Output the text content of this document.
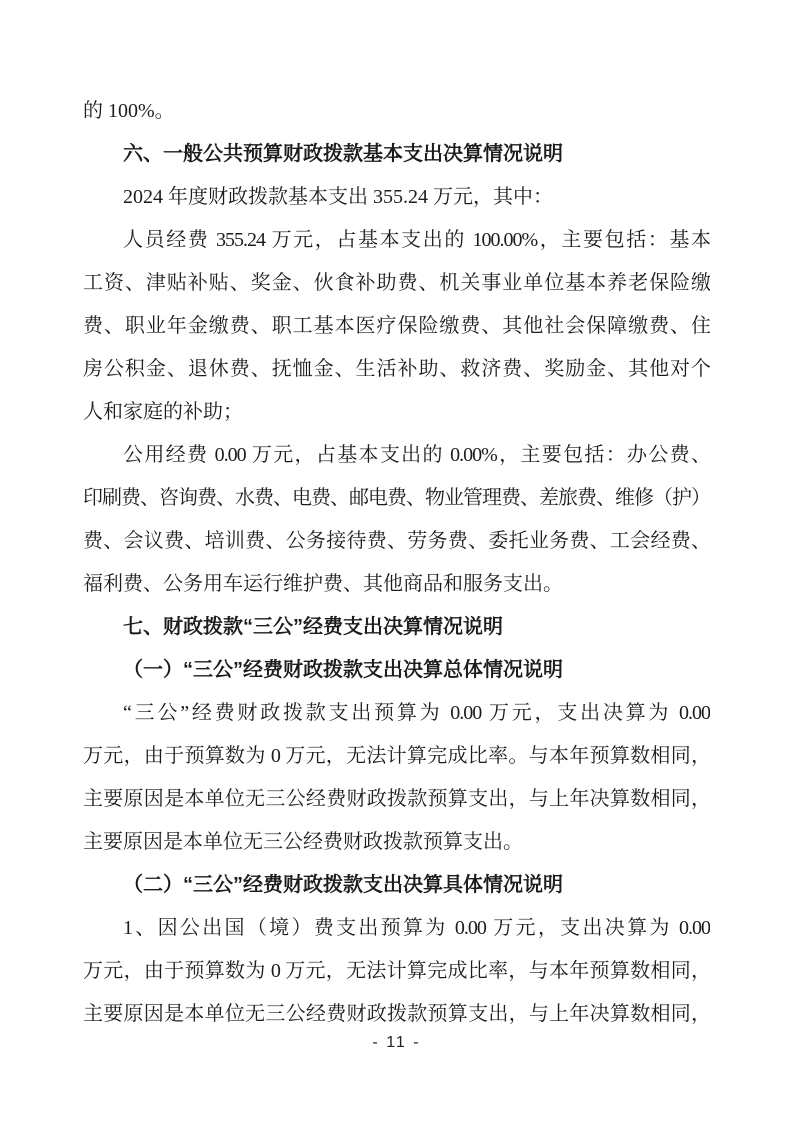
的 100%。
六、一般公共预算财政拨款基本支出决算情况说明
2024 年度财政拨款基本支出 355.24 万元，其中：
人员经费 355.24 万元，占基本支出的 100.00%，主要包括：基本
工资、津贴补贴、奖金、伙食补助费、机关事业单位基本养老保险缴
费、职业年金缴费、职工基本医疗保险缴费、其他社会保障缴费、住
房公积金、退休费、抚恤金、生活补助、救济费、奖励金、其他对个
人和家庭的补助；
公用经费 0.00 万元，占基本支出的 0.00%，主要包括：办公费、
印刷费、咨询费、水费、电费、邮电费、物业管理费、差旅费、维修（护）
费、会议费、培训费、公务接待费、劳务费、委托业务费、工会经费、
福利费、公务用车运行维护费、其他商品和服务支出。
七、财政拨款“三公”经费支出决算情况说明
（一）“三公”经费财政拨款支出决算总体情况说明
“三公”经费财政拨款支出预算为 0.00 万元，支出决算为 0.00
万元，由于预算数为 0 万元，无法计算完成比率。与本年预算数相同，
主要原因是本单位无三公经费财政拨款预算支出，与上年决算数相同，
主要原因是本单位无三公经费财政拨款预算支出。
（二）“三公”经费财政拨款支出决算具体情况说明
1、因公出国（境）费支出预算为 0.00 万元，支出决算为 0.00
万元，由于预算数为 0 万元，无法计算完成比率，与本年预算数相同，
主要原因是本单位无三公经费财政拨款预算支出，与上年决算数相同，
- 11 -
